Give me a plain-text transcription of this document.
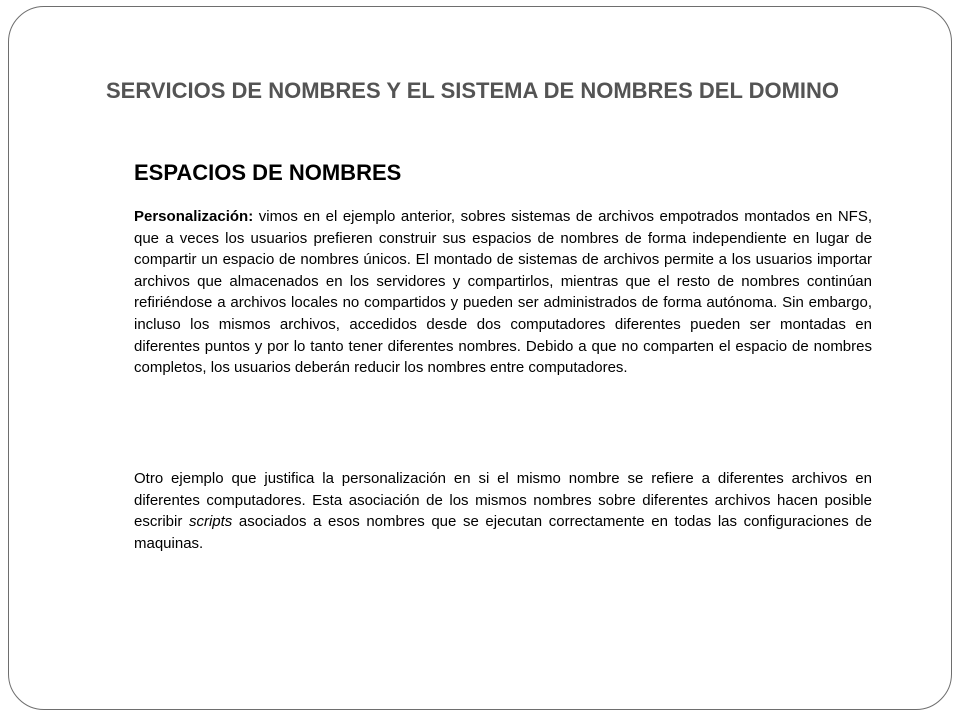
SERVICIOS DE NOMBRES Y EL SISTEMA DE NOMBRES DEL DOMINO
ESPACIOS DE NOMBRES

Personalización: vimos en el ejemplo anterior, sobres sistemas de archivos empotrados montados en NFS, que a veces los usuarios prefieren construir sus espacios de nombres de forma independiente en lugar de compartir un espacio de nombres únicos. El montado de sistemas de archivos permite a los usuarios importar archivos que almacenados en los servidores y compartirlos, mientras que el resto de nombres continúan refiriéndose a archivos locales no compartidos y pueden ser administrados de forma autónoma. Sin embargo, incluso los mismos archivos, accedidos desde dos computadores diferentes pueden ser montadas en diferentes puntos y por lo tanto tener diferentes nombres. Debido a que no comparten el espacio de nombres completos, los usuarios deberán reducir los nombres entre computadores.

Otro ejemplo que justifica la personalización en si el mismo nombre se refiere a diferentes archivos en diferentes computadores. Esta asociación de los mismos nombres sobre diferentes archivos hacen posible escribir scripts asociados a esos nombres que se ejecutan correctamente en todas las configuraciones de maquinas.
